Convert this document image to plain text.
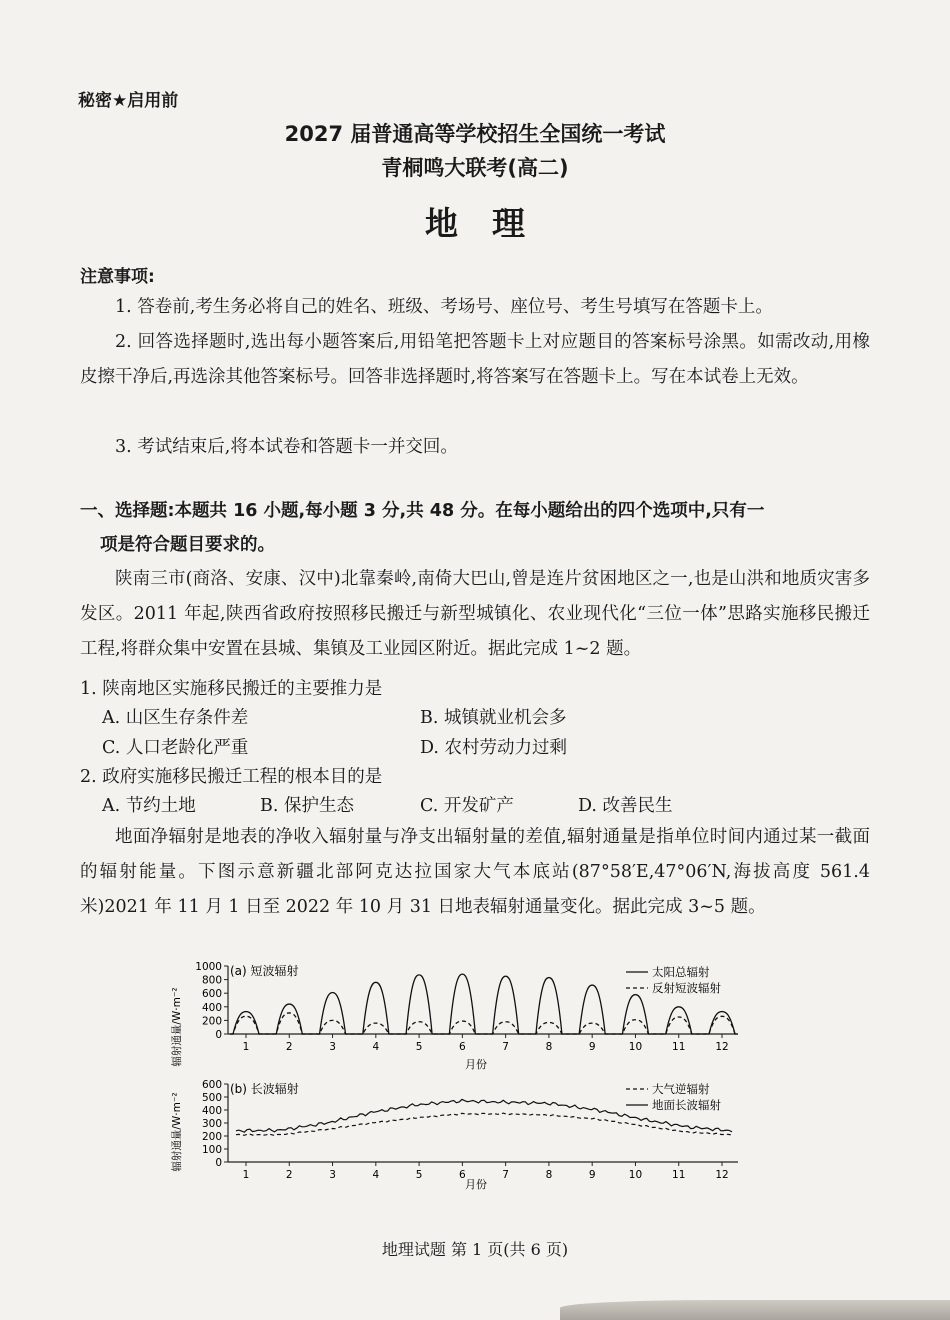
秘密★启用前
2027 届普通高等学校招生全国统一考试
青桐鸣大联考(高二)
地理
注意事项:
1. 答卷前,考生务必将自己的姓名、班级、考场号、座位号、考生号填写在答题卡上。
2. 回答选择题时,选出每小题答案后,用铅笔把答题卡上对应题目的答案标号涂黑。如需改动,用橡皮擦干净后,再选涂其他答案标号。回答非选择题时,将答案写在答题卡上。写在本试卷上无效。
3. 考试结束后,将本试卷和答题卡一并交回。
一、选择题:本题共 16 小题,每小题 3 分,共 48 分。在每小题给出的四个选项中,只有一
项是符合题目要求的。
陕南三市(商洛、安康、汉中)北靠秦岭,南倚大巴山,曾是连片贫困地区之一,也是山洪和地质灾害多发区。2011 年起,陕西省政府按照移民搬迁与新型城镇化、农业现代化“三位一体”思路实施移民搬迁工程,将群众集中安置在县城、集镇及工业园区附近。据此完成 1~2 题。
1. 陕南地区实施移民搬迁的主要推力是
A. 山区生存条件差	B. 城镇就业机会多
C. 人口老龄化严重	D. 农村劳动力过剩
2. 政府实施移民搬迁工程的根本目的是
A. 节约土地	B. 保护生态	C. 开发矿产	D. 改善民生
地面净辐射是地表的净收入辐射量与净支出辐射量的差值,辐射通量是指单位时间内通过某一截面的辐射能量。下图示意新疆北部阿克达拉国家大气本底站(87°58′E,47°06′N,海拔高度 561.4 米)2021 年 11 月 1 日至 2022 年 10 月 31 日地表辐射通量变化。据此完成 3~5 题。
(a) 短波辐射
辐射通量/W·m⁻²	月份
0
200
400
600
800
1000
1	2	3	4	5	6	7	8	9	10	11	12
太阳总辐射
反射短波辐射
(b) 长波辐射
辐射通量/W·m⁻²
月份
0
100
200
300
400
500
600
1	2	3	4	5	6	7	8	9	10	11	12
大气逆辐射
地面长波辐射
地理试题 第 1 页(共 6 页)
